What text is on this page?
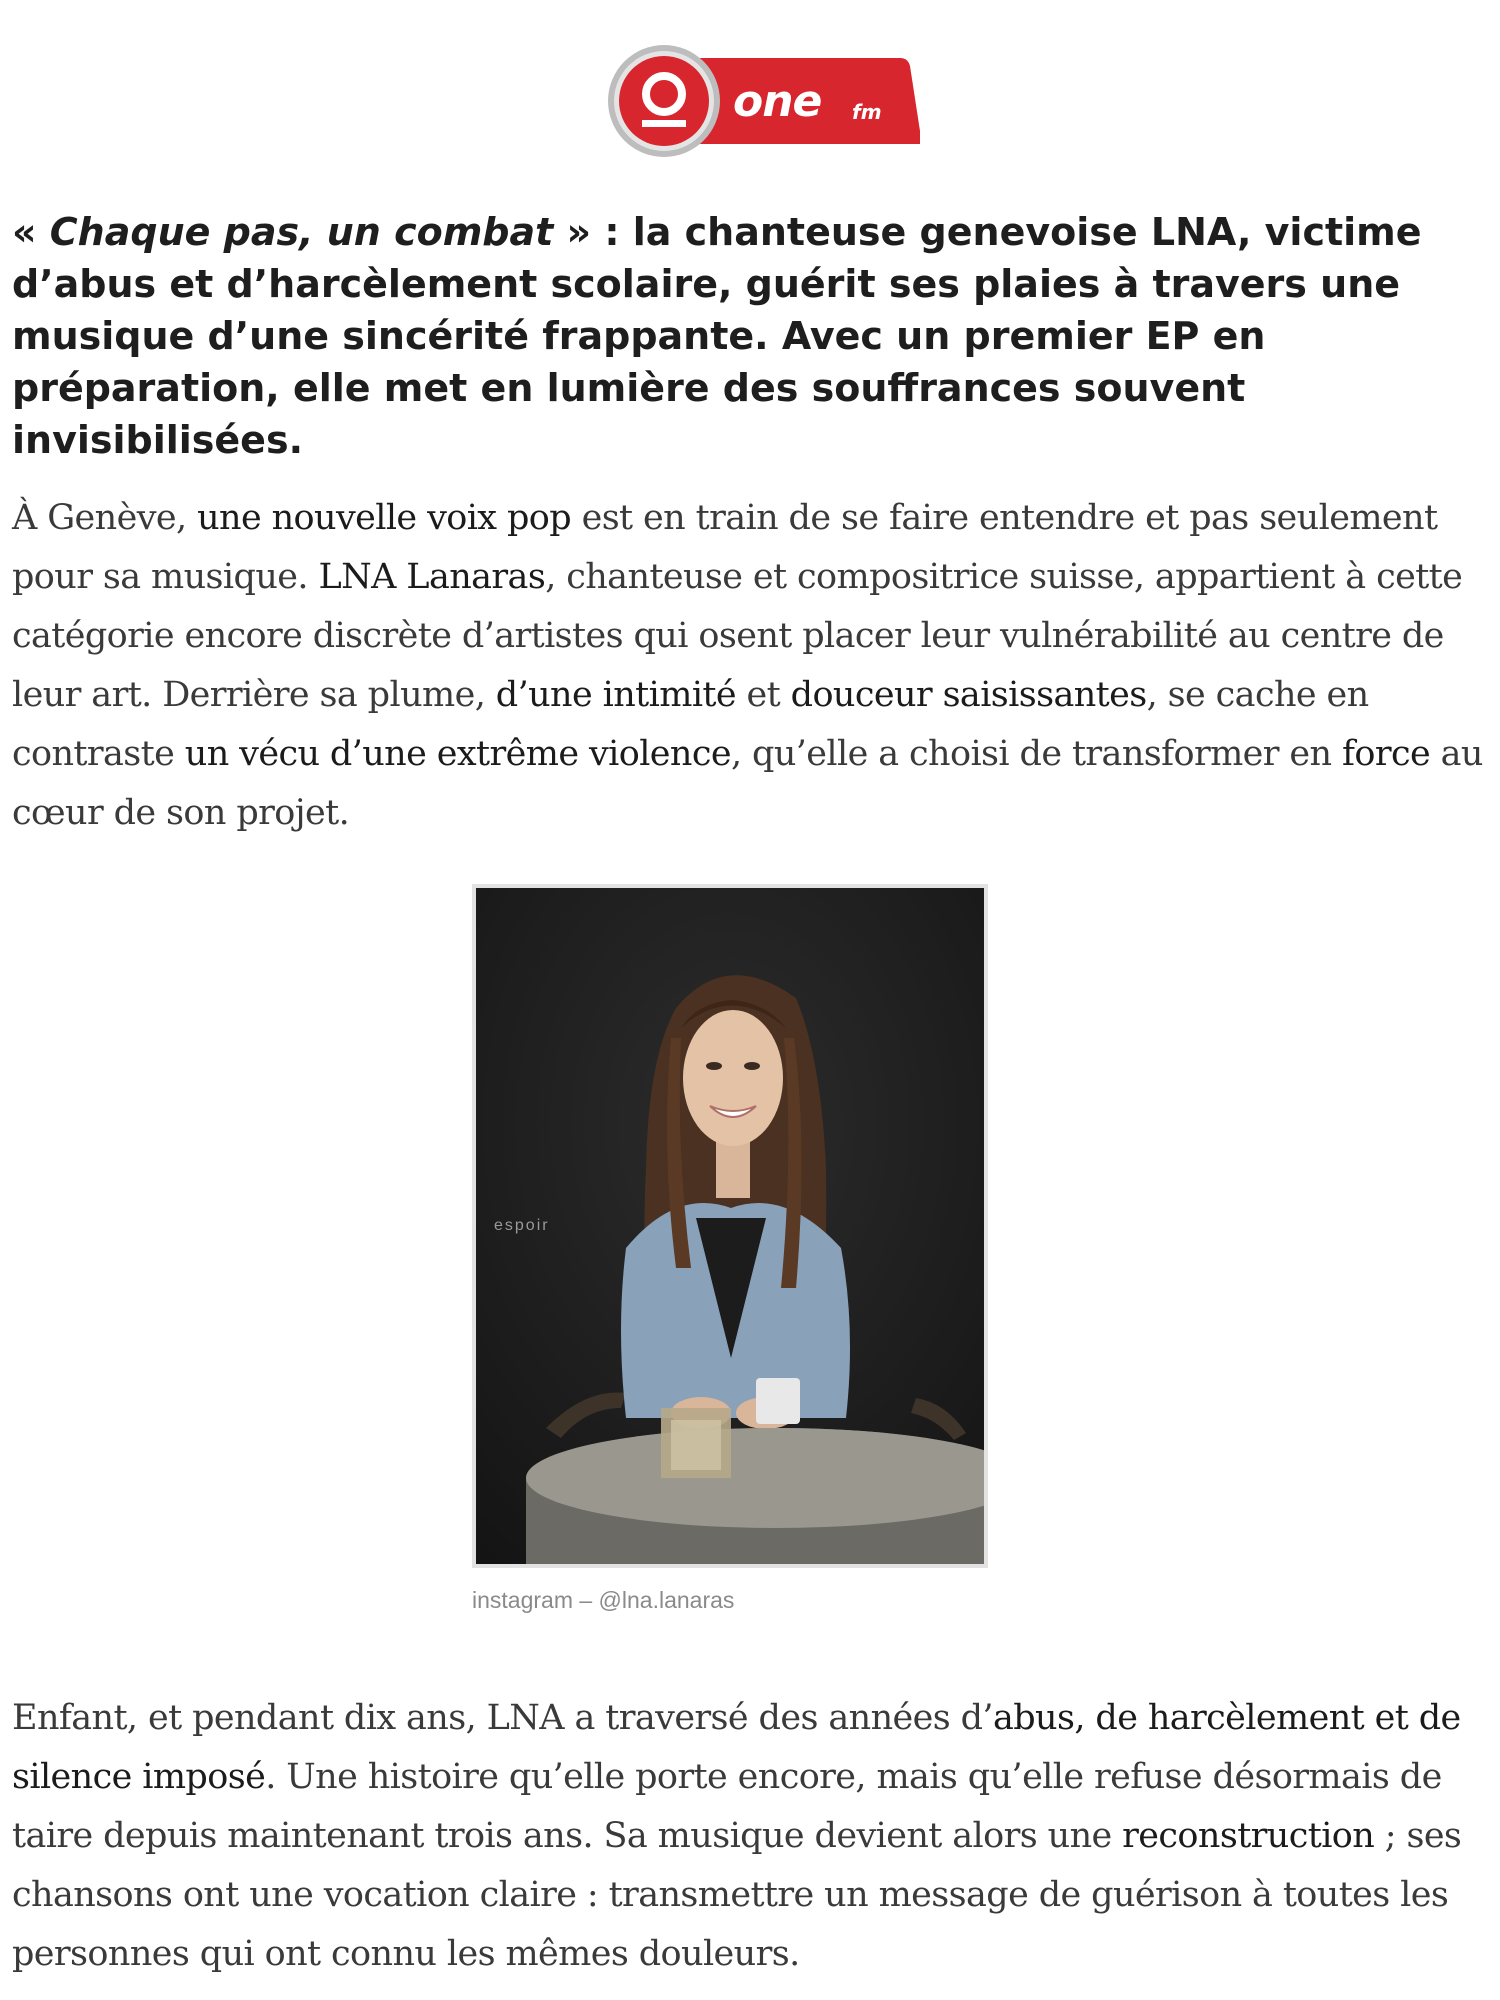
one fm
« Chaque pas, un combat » : la chanteuse genevoise LNA, victime d’abus et d’harcèlement scolaire, guérit ses plaies à travers une musique d’une sincérité frappante. Avec un premier EP en préparation, elle met en lumière des souffrances souvent invisibilisées.

À Genève, une nouvelle voix pop est en train de se faire entendre et pas seulement pour sa musique. LNA Lanaras, chanteuse et compositrice suisse, appartient à cette catégorie encore discrète d’artistes qui osent placer leur vulnérabilité au centre de leur art. Derrière sa plume, d’une intimité et douceur saisissantes, se cache en contraste un vécu d’une extrême violence, qu’elle a choisi de transformer en force au cœur de son projet.

espoir
instagram – @lna.lanaras

Enfant, et pendant dix ans, LNA a traversé des années d’abus, de harcèlement et de silence imposé. Une histoire qu’elle porte encore, mais qu’elle refuse désormais de taire depuis maintenant trois ans. Sa musique devient alors une reconstruction ; ses chansons ont une vocation claire : transmettre un message de guérison à toutes les personnes qui ont connu les mêmes douleurs.
